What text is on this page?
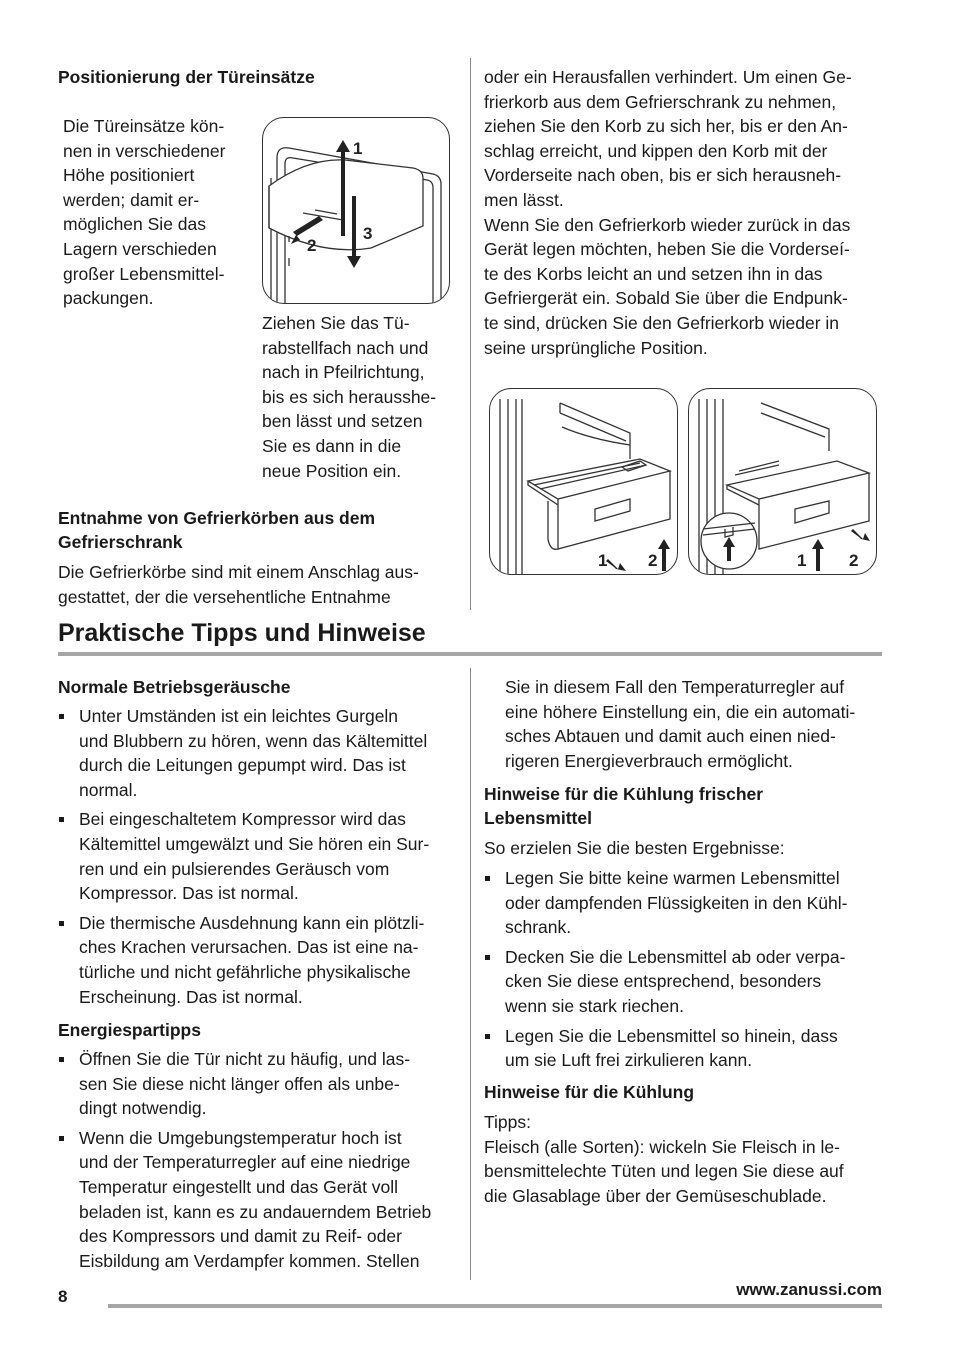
Positionierung der Türeinsätze
Die Türeinsätze kön-
nen in verschiedener
Höhe positioniert
werden; damit er-
möglichen Sie das
Lagern verschieden
großer Lebensmittel-
packungen.
1
2
3
Ziehen Sie das Tü-
rabstellfach nach und
nach in Pfeilrichtung,
bis es sich herausshe-
ben lässt und setzen
Sie es dann in die
neue Position ein.
Entnahme von Gefrierkörben aus dem
Gefrierschrank
Die Gefrierkörbe sind mit einem Anschlag aus-
gestattet, der die versehentliche Entnahme
oder ein Herausfallen verhindert. Um einen Ge-
frierkorb aus dem Gefrierschrank zu nehmen,
ziehen Sie den Korb zu sich her, bis er den An-
schlag erreicht, und kippen den Korb mit der
Vorderseite nach oben, bis er sich herausneh-
men lässt.
Wenn Sie den Gefrierkorb wieder zurück in das
Gerät legen möchten, heben Sie die Vorderseí-
te des Korbs leicht an und setzen ihn in das
Gefriergerät ein. Sobald Sie über die Endpunk-
te sind, drücken Sie den Gefrierkorb wieder in
seine ursprüngliche Position.
1 2	1	2
Praktische Tipps und Hinweise
Normale Betriebsgeräusche
Unter Umständen ist ein leichtes Gurgeln
und Blubbern zu hören, wenn das Kältemittel
durch die Leitungen gepumpt wird. Das ist
normal.
Bei eingeschaltetem Kompressor wird das
Kältemittel umgewälzt und Sie hören ein Sur-
ren und ein pulsierendes Geräusch vom
Kompressor. Das ist normal.
Die thermische Ausdehnung kann ein plötzli-
ches Krachen verursachen. Das ist eine na-
türliche und nicht gefährliche physikalische
Erscheinung. Das ist normal.
Energiespartipps
Öffnen Sie die Tür nicht zu häufig, und las-
sen Sie diese nicht länger offen als unbe-
dingt notwendig.
Wenn die Umgebungstemperatur hoch ist
und der Temperaturregler auf eine niedrige
Temperatur eingestellt und das Gerät voll
beladen ist, kann es zu andauerndem Betrieb
des Kompressors und damit zu Reif- oder
Eisbildung am Verdampfer kommen. Stellen
Sie in diesem Fall den Temperaturregler auf
eine höhere Einstellung ein, die ein automati-
sches Abtauen und damit auch einen nied-
rigeren Energieverbrauch ermöglicht.
Hinweise für die Kühlung frischer
Lebensmittel
So erzielen Sie die besten Ergebnisse:
Legen Sie bitte keine warmen Lebensmittel
oder dampfenden Flüssigkeiten in den Kühl-
schrank.
Decken Sie die Lebensmittel ab oder verpa-
cken Sie diese entsprechend, besonders
wenn sie stark riechen.
Legen Sie die Lebensmittel so hinein, dass
um sie Luft frei zirkulieren kann.
Hinweise für die Kühlung
Tipps:
Fleisch (alle Sorten): wickeln Sie Fleisch in le-
bensmittelechte Tüten und legen Sie diese auf
die Glasablage über der Gemüseschublade.
8	www.zanussi.com
